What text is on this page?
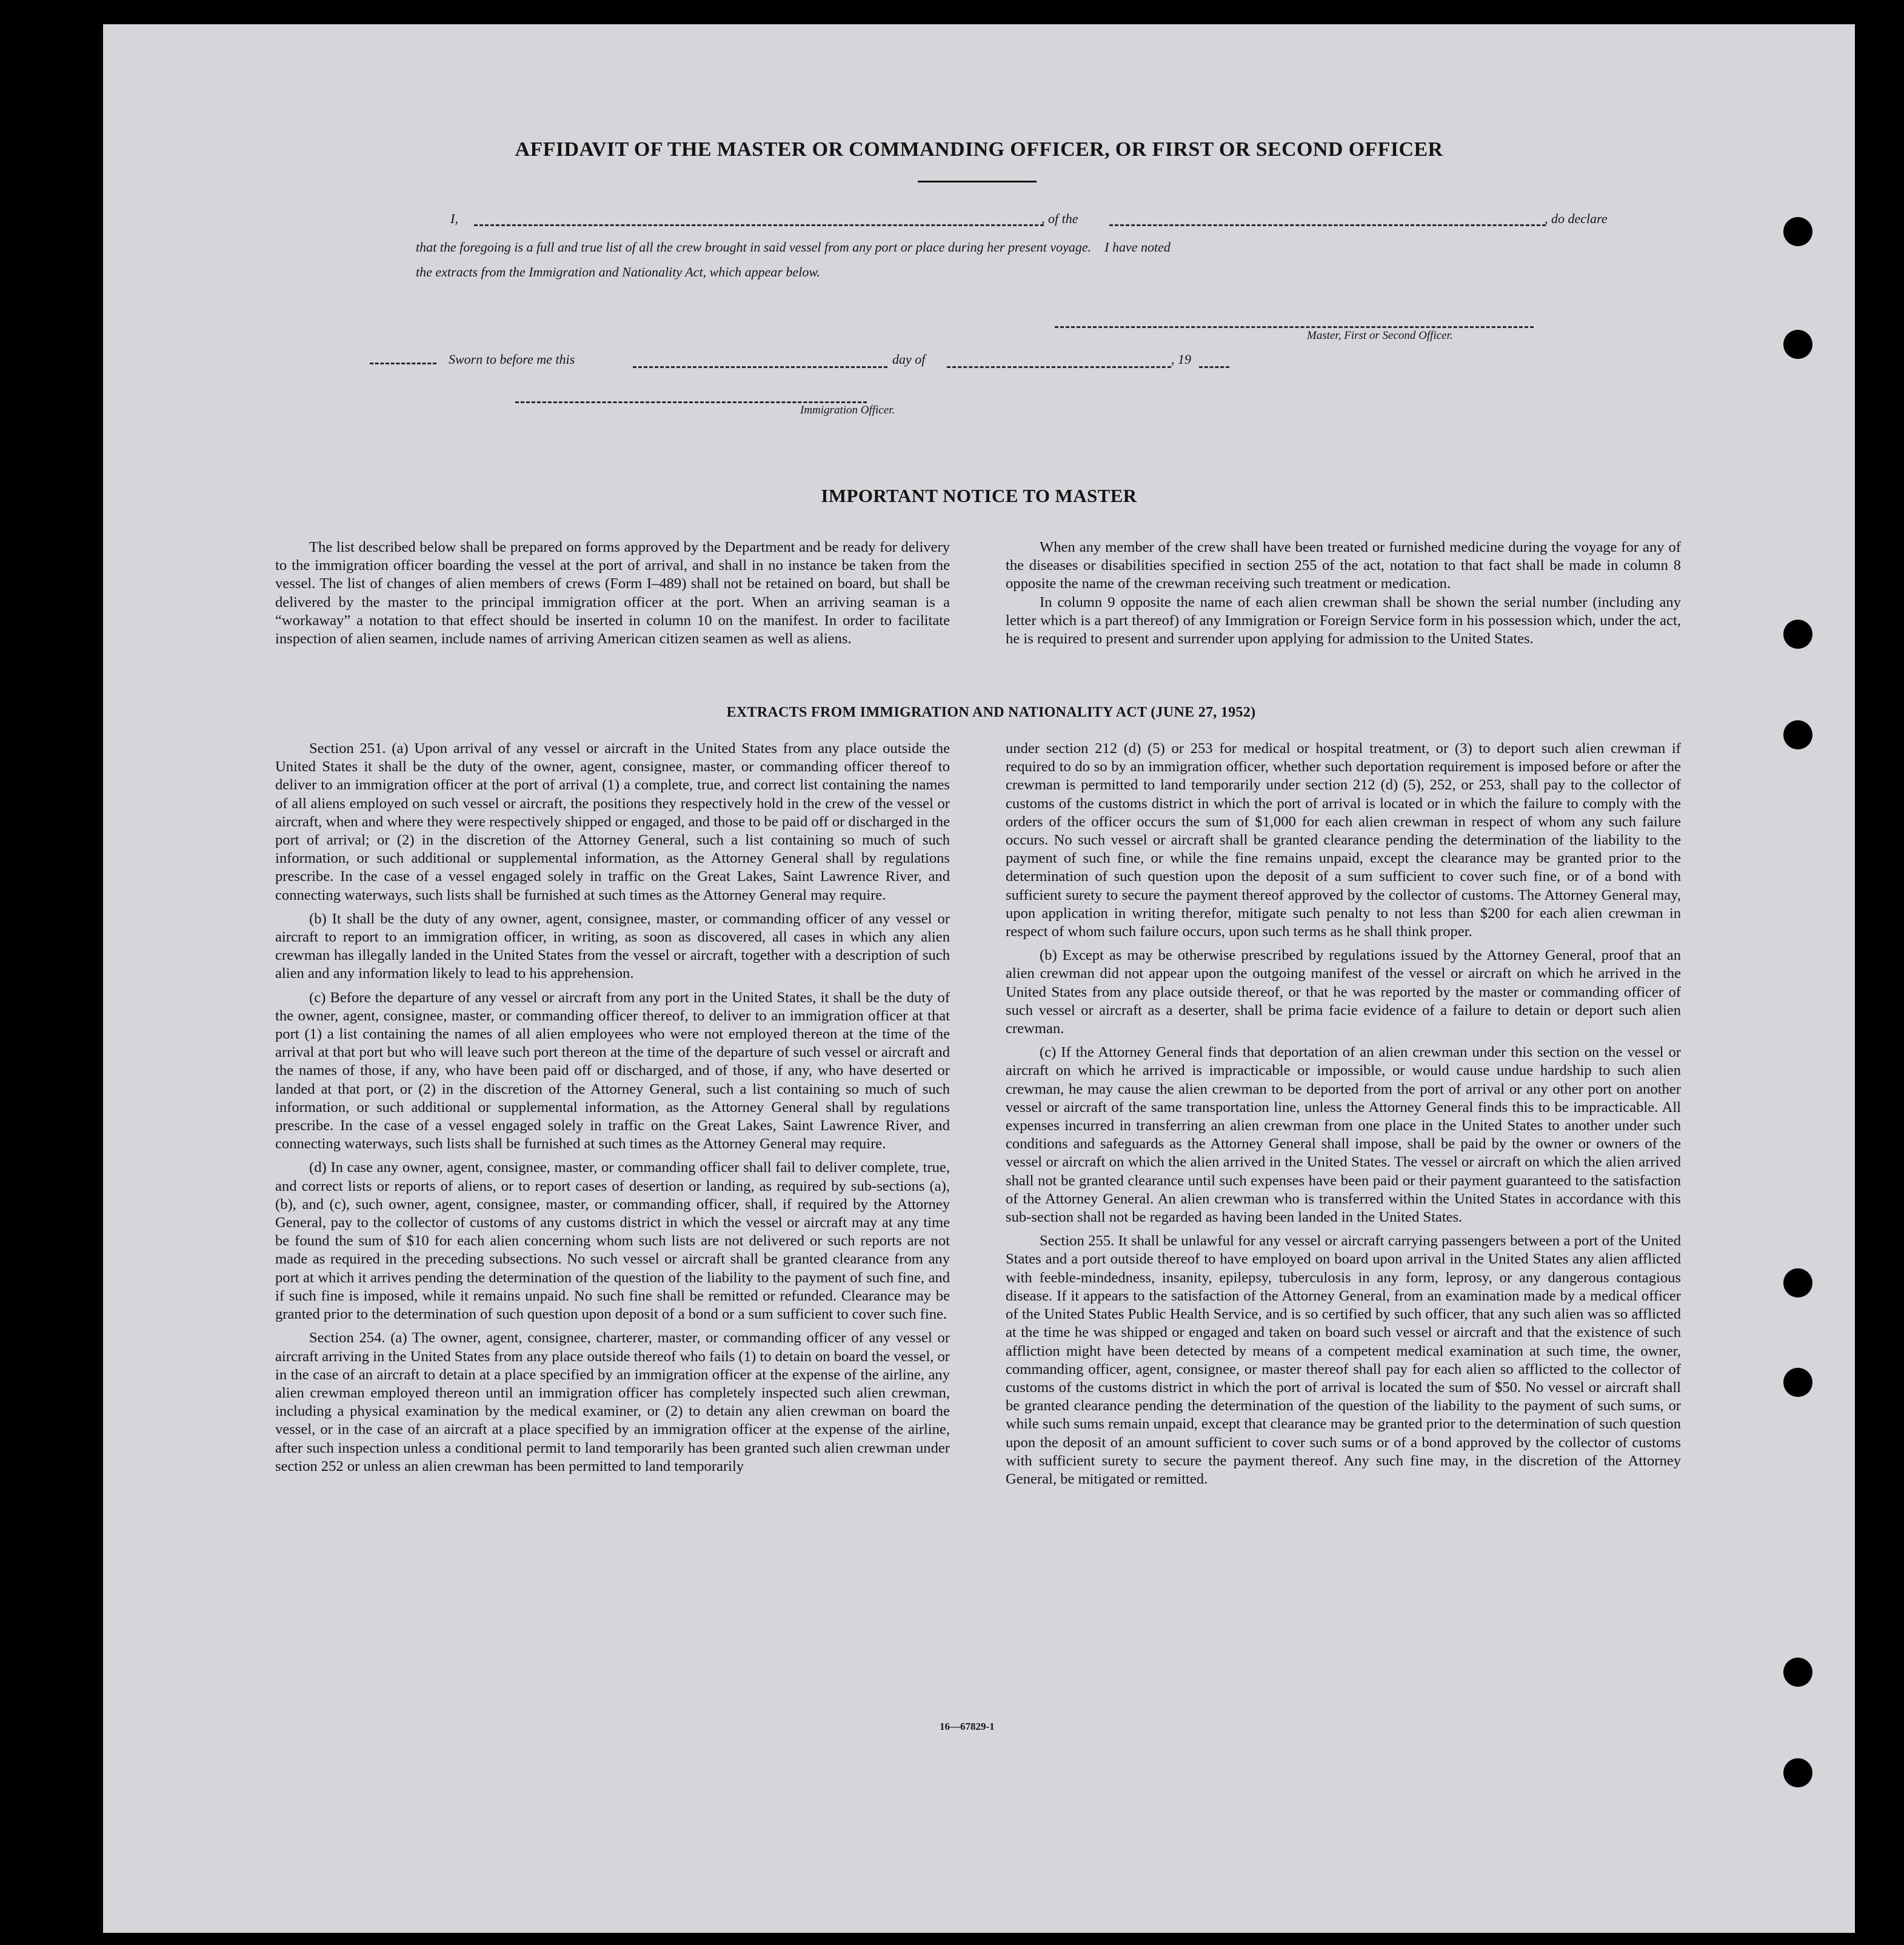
AFFIDAVIT OF THE MASTER OR COMMANDING OFFICER, OR FIRST OR SECOND OFFICER
I,	, of the	, do declare
that the foregoing is a full and true list of all the crew brought in said vessel from any port or place during her present voyage.    I have noted
the extracts from the Immigration and Nationality Act, which appear below.
Master, First or Second Officer.
Sworn to before me this	day of	, 19
Immigration Officer.
IMPORTANT NOTICE TO MASTER

The list described below shall be prepared on forms approved by the Department and be ready for delivery to the immigration officer boarding the vessel at the port of arrival, and shall in no instance be taken from the vessel. The list of changes of alien members of crews (Form I–489) shall not be retained on board, but shall be delivered by the master to the principal immigration officer at the port. When an arriving seaman is a “workaway” a notation to that effect should be inserted in column 10 on the manifest. In order to facilitate inspection of alien seamen, include names of arriving American citizen seamen as well as aliens.

When any member of the crew shall have been treated or furnished medicine during the voyage for any of the diseases or disabilities specified in section 255 of the act, notation to that fact shall be made in column 8 opposite the name of the crewman receiving such treatment or medication.

In column 9 opposite the name of each alien crewman shall be shown the serial number (including any letter which is a part thereof) of any Immigration or Foreign Service form in his possession which, under the act, he is required to present and surrender upon applying for admission to the United States.

EXTRACTS FROM IMMIGRATION AND NATIONALITY ACT (JUNE 27, 1952)

Section 251. (a) Upon arrival of any vessel or aircraft in the United States from any place outside the United States it shall be the duty of the owner, agent, consignee, master, or commanding officer thereof to deliver to an immigration officer at the port of arrival (1) a complete, true, and correct list containing the names of all aliens employed on such vessel or aircraft, the positions they respectively hold in the crew of the vessel or aircraft, when and where they were respectively shipped or engaged, and those to be paid off or discharged in the port of arrival; or (2) in the discretion of the Attorney General, such a list containing so much of such information, or such additional or supplemental information, as the Attorney General shall by regulations prescribe. In the case of a vessel engaged solely in traffic on the Great Lakes, Saint Lawrence River, and connecting waterways, such lists shall be furnished at such times as the Attorney General may require.

(b) It shall be the duty of any owner, agent, consignee, master, or commanding officer of any vessel or aircraft to report to an immigration officer, in writing, as soon as discovered, all cases in which any alien crewman has illegally landed in the United States from the vessel or aircraft, together with a description of such alien and any information likely to lead to his apprehension.

(c) Before the departure of any vessel or aircraft from any port in the United States, it shall be the duty of the owner, agent, consignee, master, or commanding officer thereof, to deliver to an immigration officer at that port (1) a list containing the names of all alien employees who were not employed thereon at the time of the arrival at that port but who will leave such port thereon at the time of the departure of such vessel or aircraft and the names of those, if any, who have been paid off or discharged, and of those, if any, who have deserted or landed at that port, or (2) in the discretion of the Attorney General, such a list containing so much of such information, or such additional or supplemental information, as the Attorney General shall by regulations prescribe. In the case of a vessel engaged solely in traffic on the Great Lakes, Saint Lawrence River, and connecting waterways, such lists shall be furnished at such times as the Attorney General may require.

(d) In case any owner, agent, consignee, master, or commanding officer shall fail to deliver complete, true, and correct lists or reports of aliens, or to report cases of desertion or landing, as required by sub-sections (a), (b), and (c), such owner, agent, consignee, master, or commanding officer, shall, if required by the Attorney General, pay to the collector of customs of any customs district in which the vessel or aircraft may at any time be found the sum of $10 for each alien concerning whom such lists are not delivered or such reports are not made as required in the preceding subsections. No such vessel or aircraft shall be granted clearance from any port at which it arrives pending the determination of the question of the liability to the payment of such fine, and if such fine is imposed, while it remains unpaid. No such fine shall be remitted or refunded. Clearance may be granted prior to the determination of such question upon deposit of a bond or a sum sufficient to cover such fine.

Section 254. (a) The owner, agent, consignee, charterer, master, or commanding officer of any vessel or aircraft arriving in the United States from any place outside thereof who fails (1) to detain on board the vessel, or in the case of an aircraft to detain at a place specified by an immigration officer at the expense of the airline, any alien crewman employed thereon until an immigration officer has completely inspected such alien crewman, including a physical examination by the medical examiner, or (2) to detain any alien crewman on board the vessel, or in the case of an aircraft at a place specified by an immigration officer at the expense of the airline, after such inspection unless a conditional permit to land temporarily has been granted such alien crewman under section 252 or unless an alien crewman has been permitted to land temporarily

under section 212 (d) (5) or 253 for medical or hospital treatment, or (3) to deport such alien crewman if required to do so by an immigration officer, whether such deportation requirement is imposed before or after the crewman is permitted to land temporarily under section 212 (d) (5), 252, or 253, shall pay to the collector of customs of the customs district in which the port of arrival is located or in which the failure to comply with the orders of the officer occurs the sum of $1,000 for each alien crewman in respect of whom any such failure occurs. No such vessel or aircraft shall be granted clearance pending the determination of the liability to the payment of such fine, or while the fine remains unpaid, except the clearance may be granted prior to the determination of such question upon the deposit of a sum sufficient to cover such fine, or of a bond with sufficient surety to secure the payment thereof approved by the collector of customs. The Attorney General may, upon application in writing therefor, mitigate such penalty to not less than $200 for each alien crewman in respect of whom such failure occurs, upon such terms as he shall think proper.

(b) Except as may be otherwise prescribed by regulations issued by the Attorney General, proof that an alien crewman did not appear upon the outgoing manifest of the vessel or aircraft on which he arrived in the United States from any place outside thereof, or that he was reported by the master or commanding officer of such vessel or aircraft as a deserter, shall be prima facie evidence of a failure to detain or deport such alien crewman.

(c) If the Attorney General finds that deportation of an alien crewman under this section on the vessel or aircraft on which he arrived is impracticable or impossible, or would cause undue hardship to such alien crewman, he may cause the alien crewman to be deported from the port of arrival or any other port on another vessel or aircraft of the same transportation line, unless the Attorney General finds this to be impracticable. All expenses incurred in transferring an alien crewman from one place in the United States to another under such conditions and safeguards as the Attorney General shall impose, shall be paid by the owner or owners of the vessel or aircraft on which the alien arrived in the United States. The vessel or aircraft on which the alien arrived shall not be granted clearance until such expenses have been paid or their payment guaranteed to the satisfaction of the Attorney General. An alien crewman who is transferred within the United States in accordance with this sub-section shall not be regarded as having been landed in the United States.

Section 255. It shall be unlawful for any vessel or aircraft carrying passengers between a port of the United States and a port outside thereof to have employed on board upon arrival in the United States any alien afflicted with feeble-mindedness, insanity, epilepsy, tuberculosis in any form, leprosy, or any dangerous contagious disease. If it appears to the satisfaction of the Attorney General, from an examination made by a medical officer of the United States Public Health Service, and is so certified by such officer, that any such alien was so afflicted at the time he was shipped or engaged and taken on board such vessel or aircraft and that the existence of such affliction might have been detected by means of a competent medical examination at such time, the owner, commanding officer, agent, consignee, or master thereof shall pay for each alien so afflicted to the collector of customs of the customs district in which the port of arrival is located the sum of $50. No vessel or aircraft shall be granted clearance pending the determination of the question of the liability to the payment of such sums, or while such sums remain unpaid, except that clearance may be granted prior to the determination of such question upon the deposit of an amount sufficient to cover such sums or of a bond approved by the collector of customs with sufficient surety to secure the payment thereof. Any such fine may, in the discretion of the Attorney General, be mitigated or remitted.

16—67829-1
